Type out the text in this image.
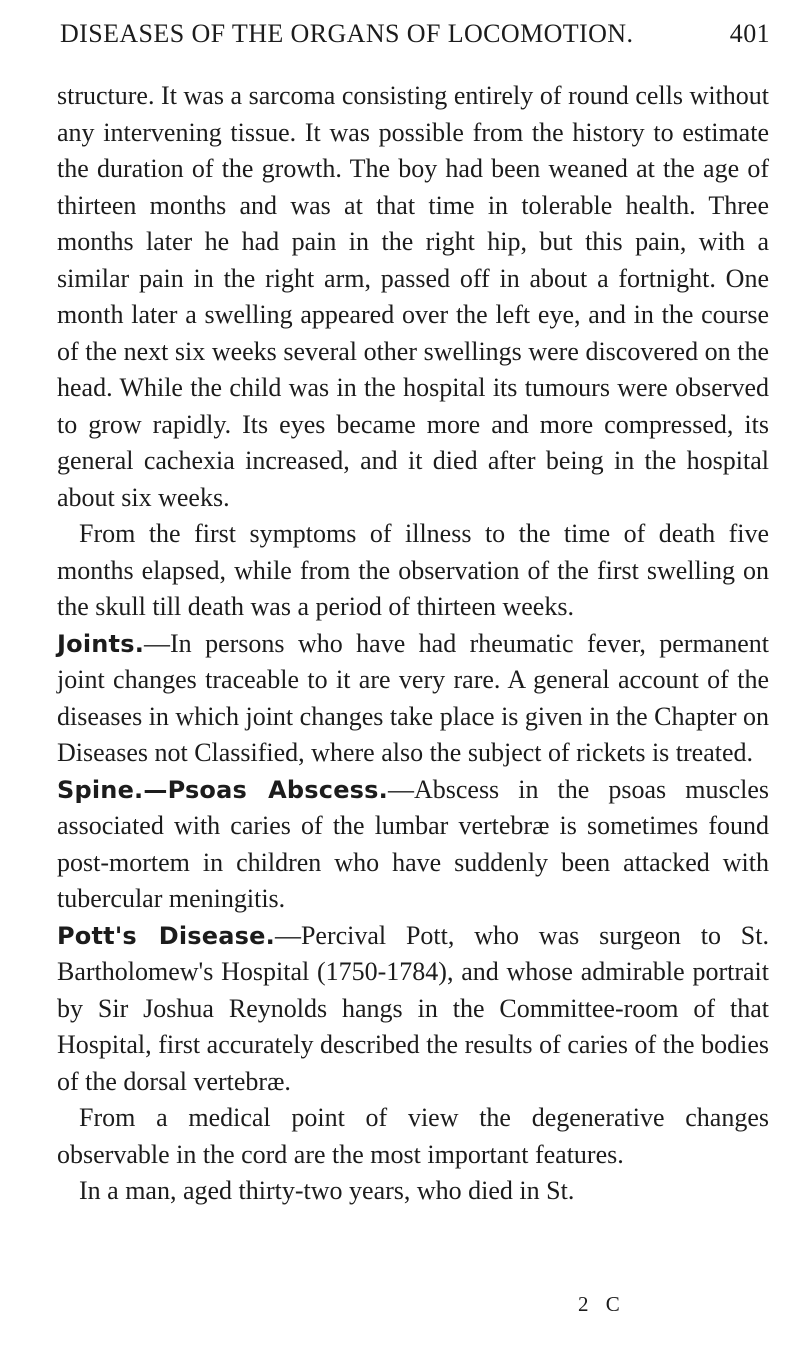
DISEASES OF THE ORGANS OF LOCOMOTION.	401

structure. It was a sarcoma consisting entirely of round cells without any intervening tissue. It was possible from the history to estimate the duration of the growth. The boy had been weaned at the age of thirteen months and was at that time in tolerable health. Three months later he had pain in the right hip, but this pain, with a similar pain in the right arm, passed off in about a fortnight. One month later a swelling appeared over the left eye, and in the course of the next six weeks several other swellings were discovered on the head. While the child was in the hospital its tumours were observed to grow rapidly. Its eyes became more and more compressed, its general cachexia increased, and it died after being in the hospital about six weeks.

From the first symptoms of illness to the time of death five months elapsed, while from the observation of the first swelling on the skull till death was a period of thirteen weeks.

Joints.—In persons who have had rheumatic fever, permanent joint changes traceable to it are very rare. A general account of the diseases in which joint changes take place is given in the Chapter on Diseases not Classified, where also the subject of rickets is treated.

Spine.—Psoas Abscess.—Abscess in the psoas muscles associated with caries of the lumbar vertebræ is sometimes found post-mortem in children who have suddenly been attacked with tubercular meningitis.

Pott's Disease.—Percival Pott, who was surgeon to St. Bartholomew's Hospital (1750-1784), and whose admirable portrait by Sir Joshua Reynolds hangs in the Committee-room of that Hospital, first accurately described the results of caries of the bodies of the dorsal vertebræ.

From a medical point of view the degenerative changes observable in the cord are the most important features.

In a man, aged thirty-two years, who died in St.

2 C
